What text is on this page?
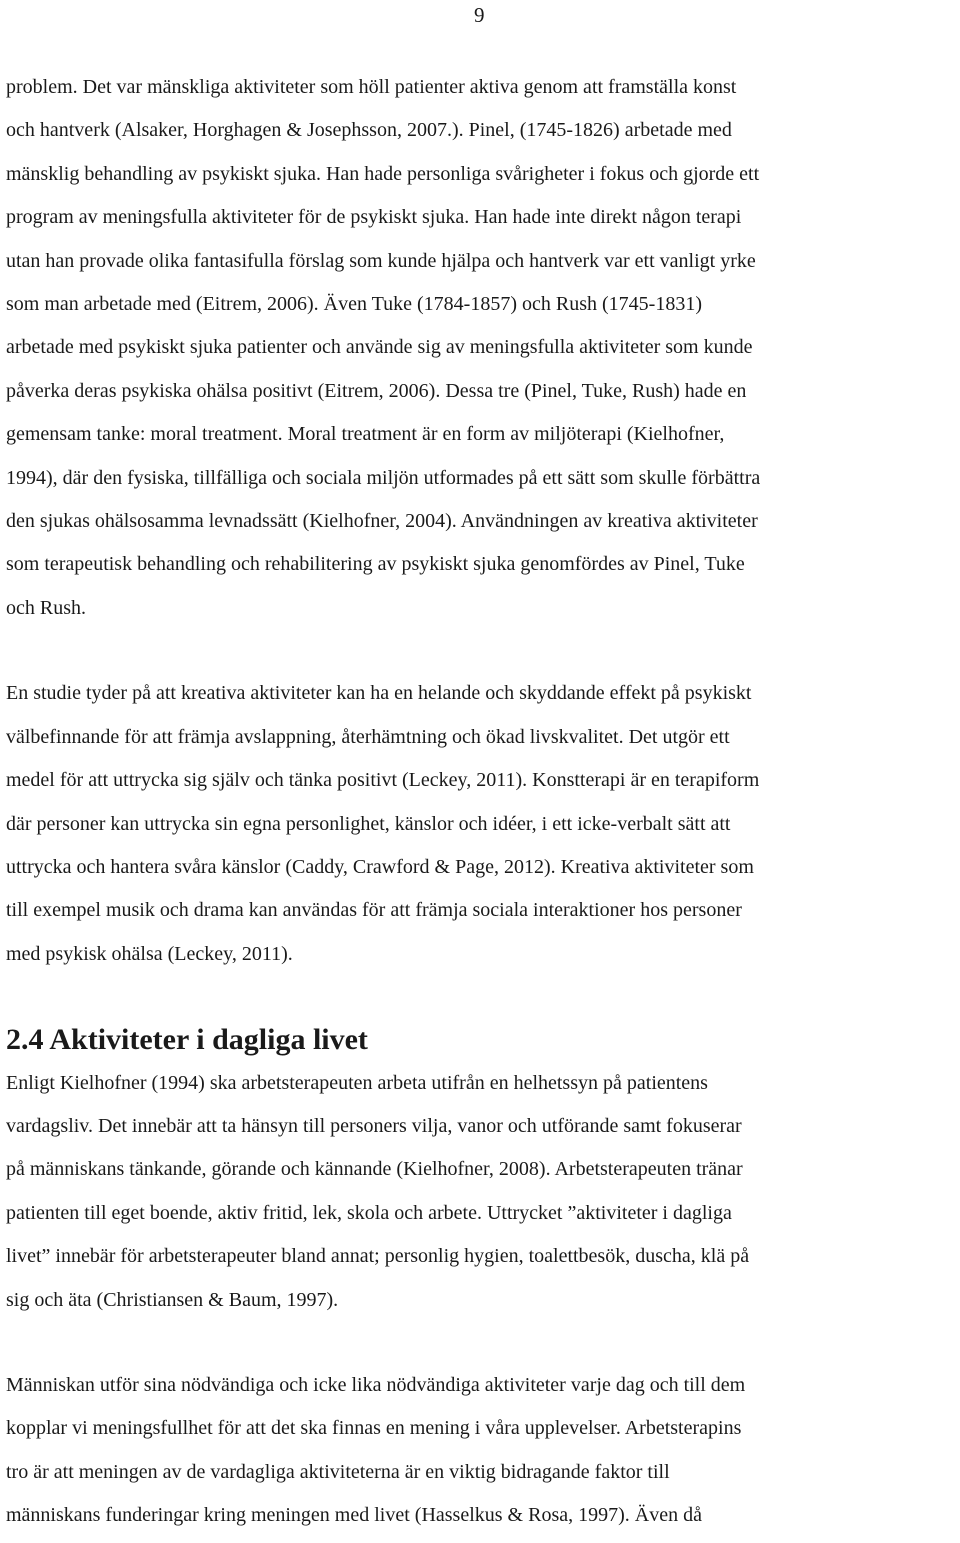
9

problem. Det var mänskliga aktiviteter som höll patienter aktiva genom att framställa konst
och hantverk (Alsaker, Horghagen & Josephsson, 2007.). Pinel, (1745-1826) arbetade med
mänsklig behandling av psykiskt sjuka. Han hade personliga svårigheter i fokus och gjorde ett
program av meningsfulla aktiviteter för de psykiskt sjuka. Han hade inte direkt någon terapi
utan han provade olika fantasifulla förslag som kunde hjälpa och hantverk var ett vanligt yrke
som man arbetade med (Eitrem, 2006). Även Tuke (1784-1857) och Rush (1745-1831)
arbetade med psykiskt sjuka patienter och använde sig av meningsfulla aktiviteter som kunde
påverka deras psykiska ohälsa positivt (Eitrem, 2006). Dessa tre (Pinel, Tuke, Rush) hade en
gemensam tanke: moral treatment. Moral treatment är en form av miljöterapi (Kielhofner,
1994), där den fysiska, tillfälliga och sociala miljön utformades på ett sätt som skulle förbättra
den sjukas ohälsosamma levnadssätt (Kielhofner, 2004). Användningen av kreativa aktiviteter
som terapeutisk behandling och rehabilitering av psykiskt sjuka genomfördes av Pinel, Tuke
och Rush.

En studie tyder på att kreativa aktiviteter kan ha en helande och skyddande effekt på psykiskt
välbefinnande för att främja avslappning, återhämtning och ökad livskvalitet. Det utgör ett
medel för att uttrycka sig själv och tänka positivt (Leckey, 2011). Konstterapi är en terapiform
där personer kan uttrycka sin egna personlighet, känslor och idéer, i ett icke-verbalt sätt att
uttrycka och hantera svåra känslor (Caddy, Crawford & Page, 2012). Kreativa aktiviteter som
till exempel musik och drama kan användas för att främja sociala interaktioner hos personer
med psykisk ohälsa (Leckey, 2011).

2.4 Aktiviteter i dagliga livet

Enligt Kielhofner (1994) ska arbetsterapeuten arbeta utifrån en helhetssyn på patientens
vardagsliv. Det innebär att ta hänsyn till personers vilja, vanor och utförande samt fokuserar
på människans tänkande, görande och kännande (Kielhofner, 2008). Arbetsterapeuten tränar
patienten till eget boende, aktiv fritid, lek, skola och arbete. Uttrycket ”aktiviteter i dagliga
livet” innebär för arbetsterapeuter bland annat; personlig hygien, toalettbesök, duscha, klä på
sig och äta (Christiansen & Baum, 1997).

Människan utför sina nödvändiga och icke lika nödvändiga aktiviteter varje dag och till dem
kopplar vi meningsfullhet för att det ska finnas en mening i våra upplevelser. Arbetsterapins
tro är att meningen av de vardagliga aktiviteterna är en viktig bidragande faktor till
människans funderingar kring meningen med livet (Hasselkus & Rosa, 1997). Även då
